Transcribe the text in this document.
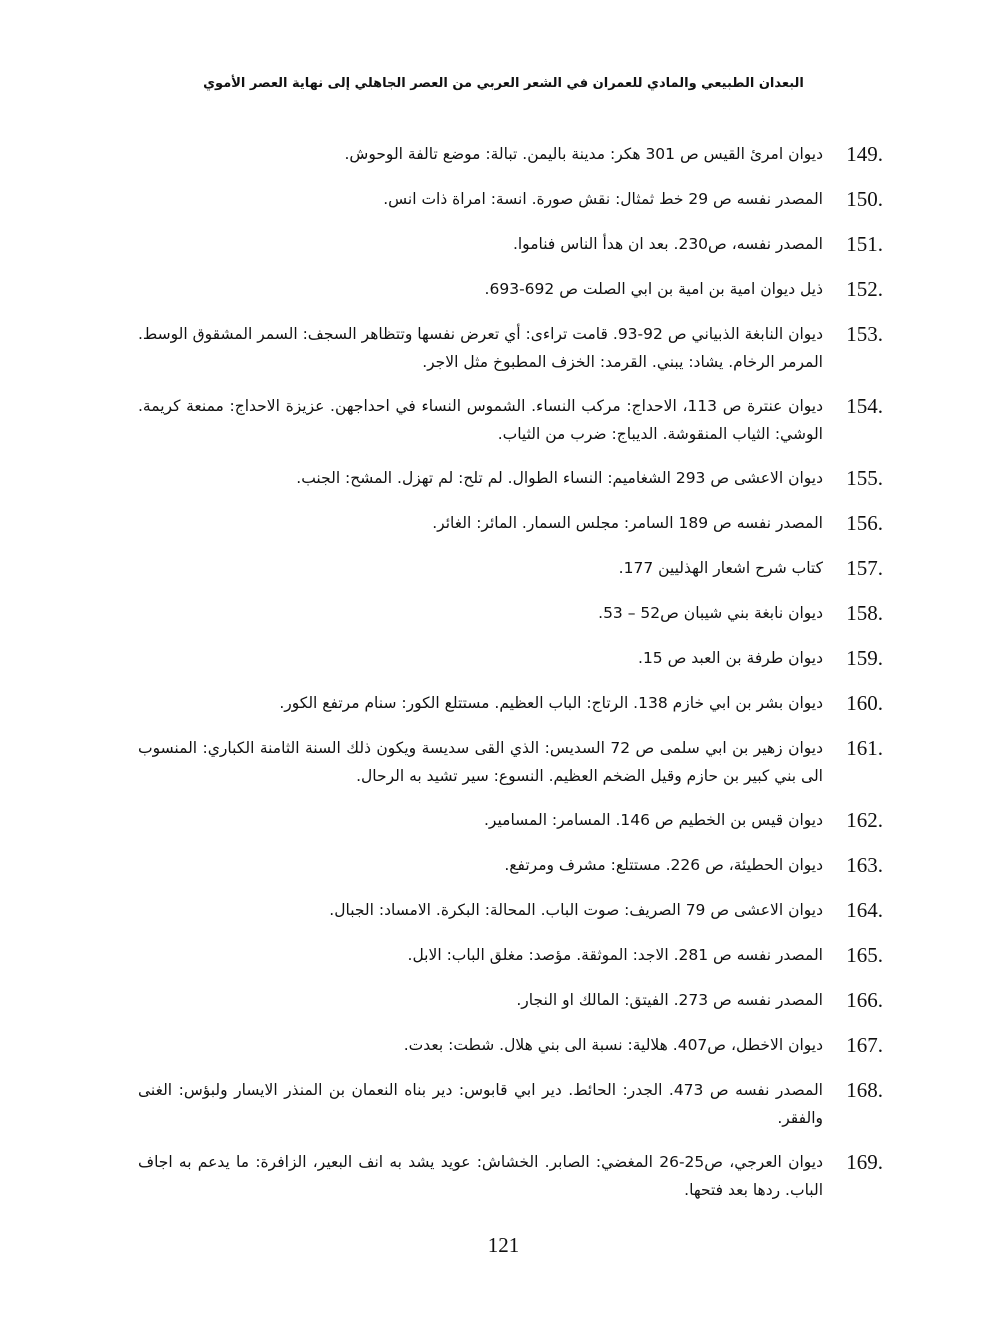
البعدان الطبيعي والمادي للعمران في الشعر العربي من العصر الجاهلي إلى نهاية العصر الأموي
149.
ديوان امرئ القيس ص 301 هكر: مدينة باليمن. تبالة: موضع تالفة الوحوش.
150.
المصدر نفسه ص 29 خط ثمثال: نقش صورة. انسة: امراة ذات انس.
151.
المصدر نفسه، ص230. بعد ان هدأ الناس فناموا.
152.
ذيل ديوان امية بن امية بن ابي الصلت ص 692-693.
153.
ديوان النابغة الذبياني ص 92-93. قامت تراءى: أي تعرض نفسها وتتظاهر السجف: السمر المشقوق الوسط. المرمر الرخام. يشاد: يبني. القرمد: الخزف المطبوخ مثل الاجر.
154.
ديوان عنترة ص 113، الاحداج: مركب النساء. الشموس النساء في احداجهن. عزيزة الاحداج: ممنعة كريمة. الوشي: الثياب المنقوشة. الديباج: ضرب من الثياب.
155.
ديوان الاعشى ص 293 الشغاميم: النساء الطوال. لم تلح: لم تهزل. المشح: الجنب.
156.
المصدر نفسه ص 189 السامر: مجلس السمار. المائر: الغائر.
157.
كتاب شرح اشعار الهذليين 177.
158.
ديوان نابغة بني شيبان ص52 – 53.
159.
ديوان طرفة بن العبد ص 15.
160.
ديوان بشر بن ابي خازم 138. الرتاج: الباب العظيم. مستتلع الكور: سنام مرتفع الكور.
161.
ديوان زهير بن ابي سلمى ص 72 السديس: الذي القى سديسة ويكون ذلك السنة الثامنة الكباري: المنسوب الى بني كبير بن حازم وقيل الضخم العظيم. النسوع: سير تشيد به الرحال.
162.
ديوان قيس بن الخطيم ص 146. المسامر: المسامير.
163.
ديوان الحطيئة، ص 226. مستتلع: مشرف ومرتفع.
164.
ديوان الاعشى ص 79 الصريف: صوت الباب. المحالة: البكرة. الامساد: الجبال.
165.
المصدر نفسه ص 281. الاجد: الموثقة. مؤصد: مغلق الباب: الابل.
166.
المصدر نفسه ص 273. الفيتق: المالك او النجار.
167.
ديوان الاخطل، ص407. هلالية: نسبة الى بني هلال. شطت: بعدت.
168.
المصدر نفسه ص 473. الجدر: الحائط. دير ابي قابوس: دير بناه النعمان بن المنذر الايسار ولبؤس: الغنى والفقر.
169.
ديوان العرجي، ص25-26 المغضي: الصابر. الخشاش: عويد يشد به انف البعير، الزافرة: ما يدعم به اجاف الباب. ردها بعد فتحها.
121
